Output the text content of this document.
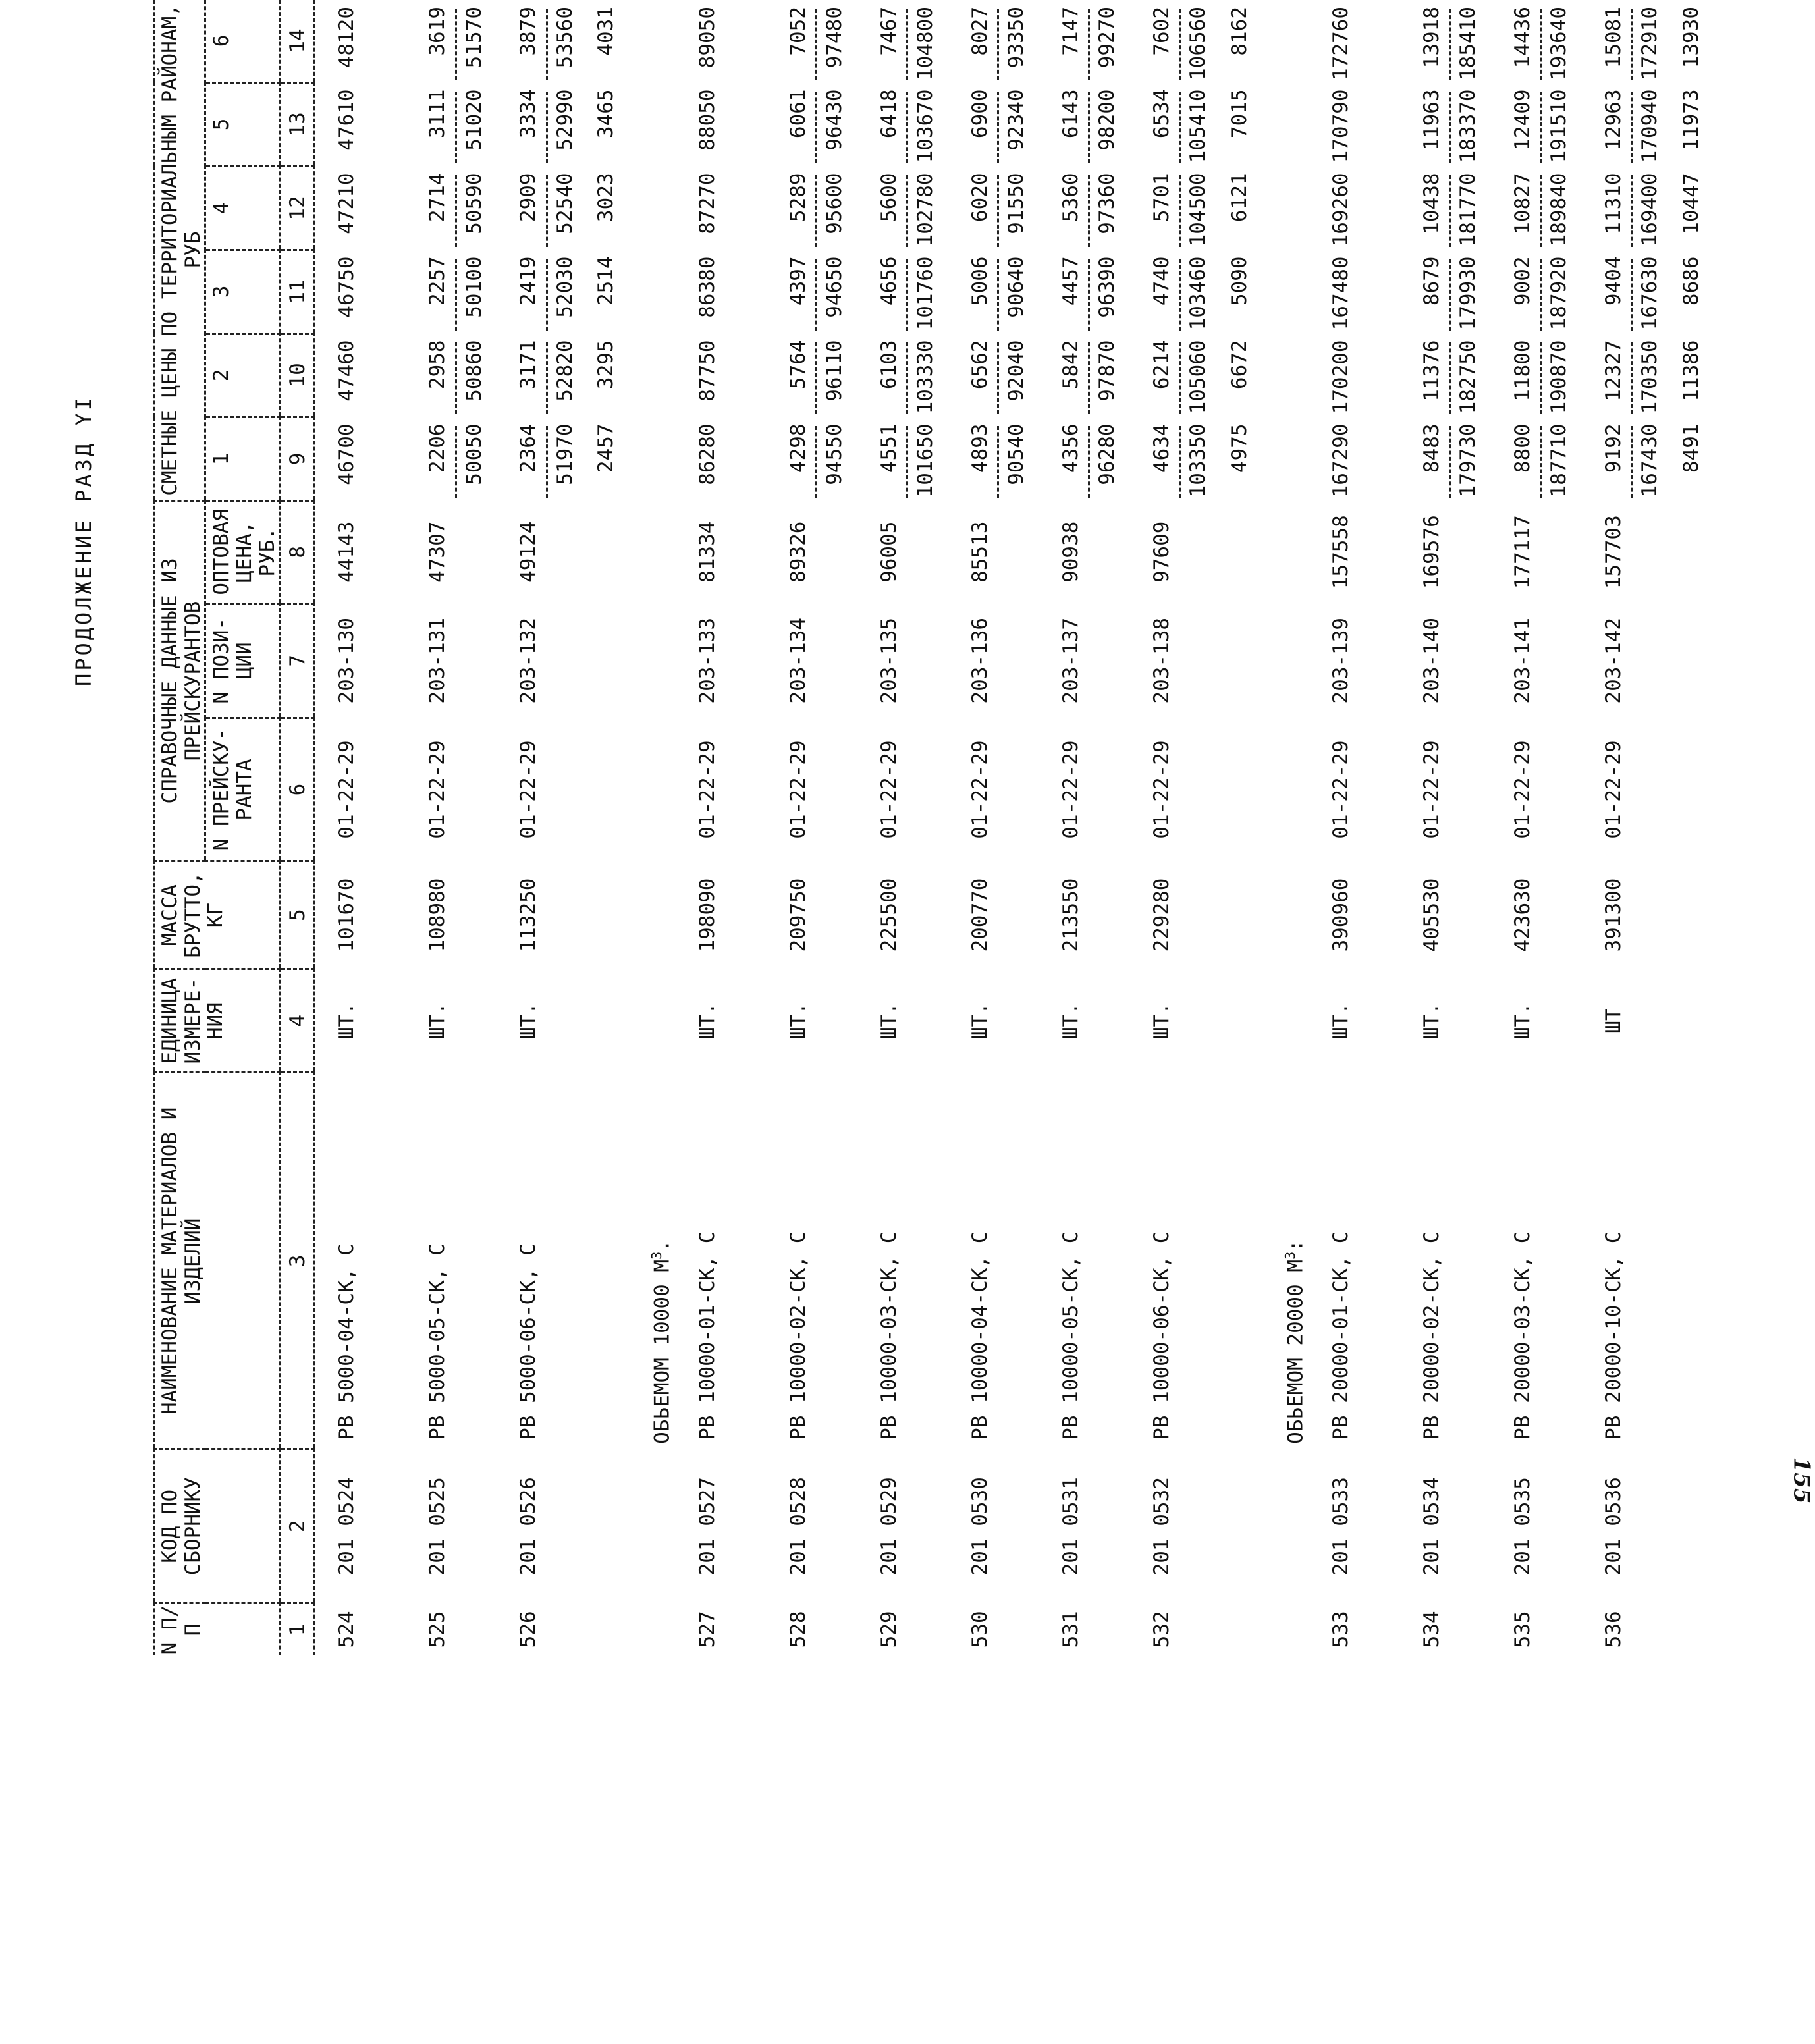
ПРОДОЛЖЕНИЕ РАЗД YI
N П/П	КОД ПО СБОРНИКУ	НАИМЕНОВАНИЕ МАТЕРИАЛОВ И ИЗДЕЛИЙ	ЕДИНИЦА ИЗМЕРЕ- НИЯ	МАССА БРУТТО, КГ	СПРАВОЧНЫЕ ДАННЫЕ ИЗ ПРЕЙСКУРАНТОВ			СМЕТНЫЕ ЦЕНЫ ПО ТЕРРИТОРИАЛЬНЫМ РАЙОНАМ, РУБ					
					N ПРЕЙСКУ- РАНТА	N ПОЗИ- ЦИИ	ОПТОВАЯ ЦЕНА, РУБ.	1	2	3	4	5	6
1	2	3	4	5	6	7	8	9	10	11	12	13	14
524	201 0524	РВ 5000-04-СК, С	ШТ.	101670	01-22-29	203-130	44143	46700	47460	46750	47210	47610	48120

525	201 0525	РВ 5000-05-СК, С	ШТ.	108980	01-22-29	203-131	47307	2206 50050	2958 50860	2257 50100	2714 50590	3111 51020	3619 51570

526	201 0526	РВ 5000-06-СК, С	ШТ.	113250	01-22-29	203-132	49124	2364 51970	3171 52820	2419 52030	2909 52540	3334 52990	3879 53560

								2457	3295	2514	3023	3465	4031
		ОБЬЕМОМ 10000 $М^3$.											
527	201 0527	РВ 10000-01-СК, С	ШТ.	198090	01-22-29	203-133	81334	86280	87750	86380	87270	88050	89050

528	201 0528	РВ 10000-02-СК, С	ШТ.	209750	01-22-29	203-134	89326	4298 94550	5764 96110	4397 94650	5289 95600	6061 96430	7052 97480

529	201 0529	РВ 10000-03-СК, С	ШТ.	225500	01-22-29	203-135	96005	4551 101650	6103 103330	4656 101760	5600 102780	6418 103670	7467 104800

530	201 0530	РВ 10000-04-СК, С	ШТ.	200770	01-22-29	203-136	85513	4893 90540	6562 92040	5006 90640	6020 91550	6900 92340	8027 93350

531	201 0531	РВ 10000-05-СК, С	ШТ.	213550	01-22-29	203-137	90938	4356 96280	5842 97870	4457 96390	5360 97360	6143 98200	7147 99270

532	201 0532	РВ 10000-06-СК, С	ШТ.	229280	01-22-29	203-138	97609	4634 103350	6214 105060	4740 103460	5701 104500	6534 105410	7602 106560

								4975	6672	5090	6121	7015	8162
		ОБЬЕМОМ 20000 $М^3$:											
533	201 0533	РВ 20000-01-СК, С	ШТ.	390960	01-22-29	203-139	157558	167290	170200	167480	169260	170790	172760

534	201 0534	РВ 20000-02-СК, С	ШТ.	405530	01-22-29	203-140	169576	8483 179730	11376 182750	8679 179930	10438 181770	11963 183370	13918 185410

535	201 0535	РВ 20000-03-СК, С	ШТ.	423630	01-22-29	203-141	177117	8800 187710	11800 190870	9002 187920	10827 189840	12409 191510	14436 193640

536	201 0536	РВ 20000-10-СК, С	ШТ	391300	01-22-29	203-142	157703	9192 167430	12327 170350	9404 167630	11310 169400	12963 170940	15081 172910

								8491	11386	8686	10447	11973	13930
155
